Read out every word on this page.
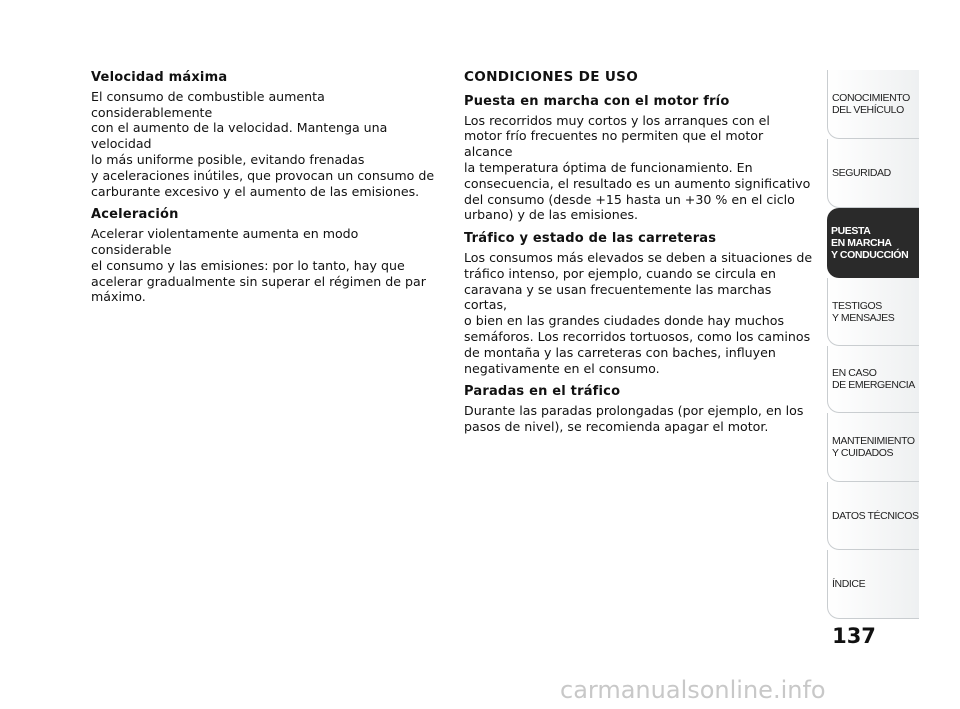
Velocidad máxima

El consumo de combustible aumenta considerablemente
con el aumento de la velocidad. Mantenga una velocidad
lo más uniforme posible, evitando frenadas
y aceleraciones inútiles, que provocan un consumo de
carburante excesivo y el aumento de las emisiones.

Aceleración

Acelerar violentamente aumenta en modo considerable
el consumo y las emisiones: por lo tanto, hay que
acelerar gradualmente sin superar el régimen de par
máximo.

CONDICIONES DE USO
Puesta en marcha con el motor frío

Los recorridos muy cortos y los arranques con el
motor frío frecuentes no permiten que el motor alcance
la temperatura óptima de funcionamiento. En
consecuencia, el resultado es un aumento significativo
del consumo (desde +15 hasta un +30 % en el ciclo
urbano) y de las emisiones.

Tráfico y estado de las carreteras

Los consumos más elevados se deben a situaciones de
tráfico intenso, por ejemplo, cuando se circula en
caravana y se usan frecuentemente las marchas cortas,
o bien en las grandes ciudades donde hay muchos
semáforos. Los recorridos tortuosos, como los caminos
de montaña y las carreteras con baches, influyen
negativamente en el consumo.

Paradas en el tráfico

Durante las paradas prolongadas (por ejemplo, en los
pasos de nivel), se recomienda apagar el motor.

CONOCIMIENTO
DEL VEHÍCULO
SEGURIDAD
PUESTA
EN MARCHA
Y CONDUCCIÓN
TESTIGOS
Y MENSAJES
EN CASO
DE EMERGENCIA
MANTENIMIENTO
Y CUIDADOS
DATOS TÉCNICOS
ÍNDICE
137
carmanualsonline.info
